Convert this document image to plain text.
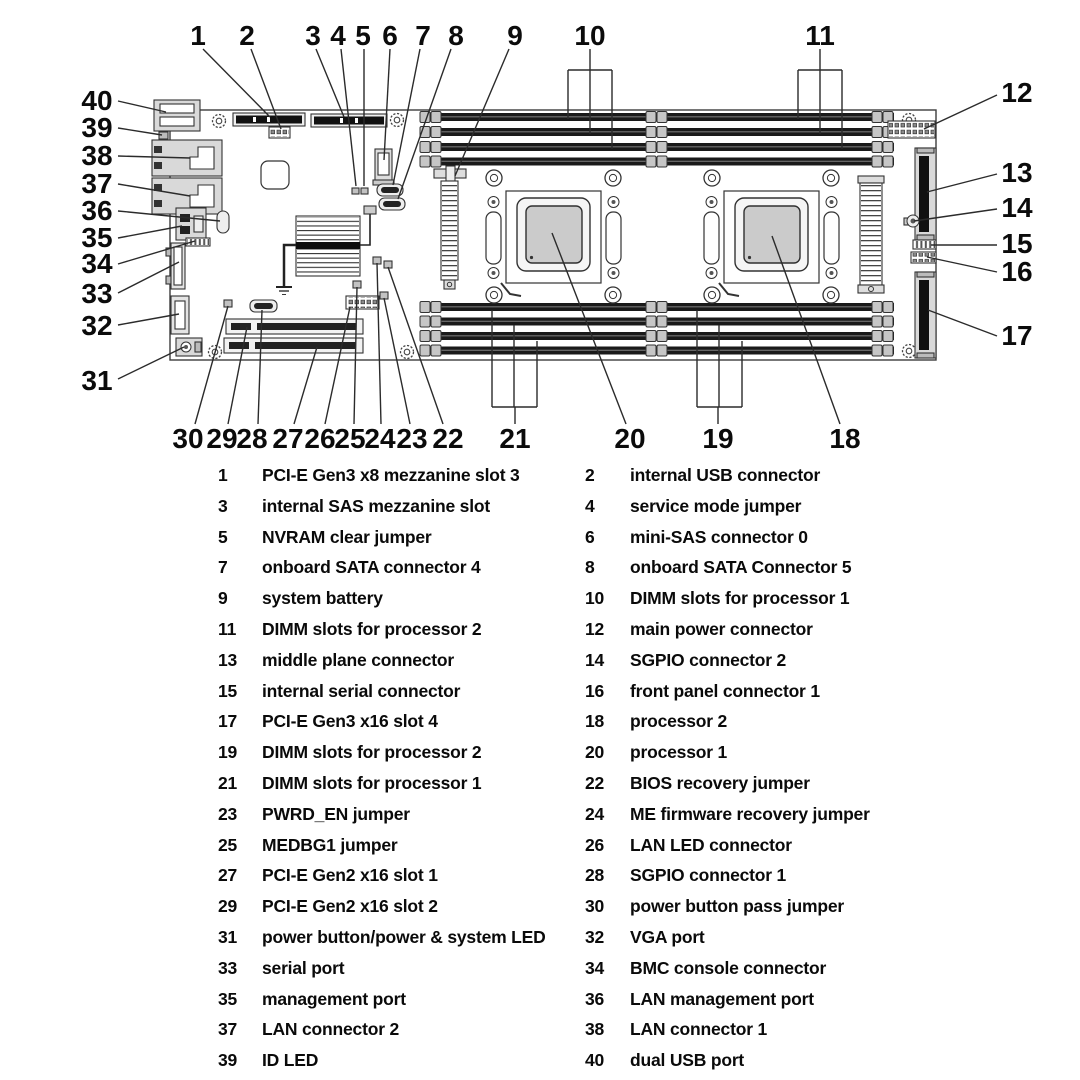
1 2 3 4 5 6 7 8 9 10	11
12
13
14
15
16
17
40
39
38
37
36
35
34
33
32
31
30 29
28 27 26
25
24 23 22 21	20 19	18
1	PCI-E Gen3 x8 mezzanine slot 3	2	internal USB connector
3	internal SAS mezzanine slot	4	service mode jumper
5	NVRAM clear jumper	6	mini-SAS connector 0
7	onboard SATA connector 4	8	onboard SATA Connector 5
9	system battery	10	DIMM slots for processor 1
11	DIMM slots for processor 2	12	main power connector
13	middle plane connector	14	SGPIO connector 2
15	internal serial connector	16	front panel connector 1
17	PCI-E Gen3 x16 slot 4	18	processor 2
19	DIMM slots for processor 2	20	processor 1
21	DIMM slots for processor 1	22	BIOS recovery jumper
23	PWRD_EN jumper	24	ME firmware recovery jumper
25	MEDBG1 jumper	26	LAN LED connector
27	PCI-E Gen2 x16 slot 1	28	SGPIO connector 1
29	PCI-E Gen2 x16 slot 2	30	power button pass jumper
31	power button/power & system LED	32	VGA port
33	serial port	34	BMC console connector
35	management port	36	LAN management port
37	LAN connector 2	38	LAN connector 1
39	ID LED	40	dual USB port
